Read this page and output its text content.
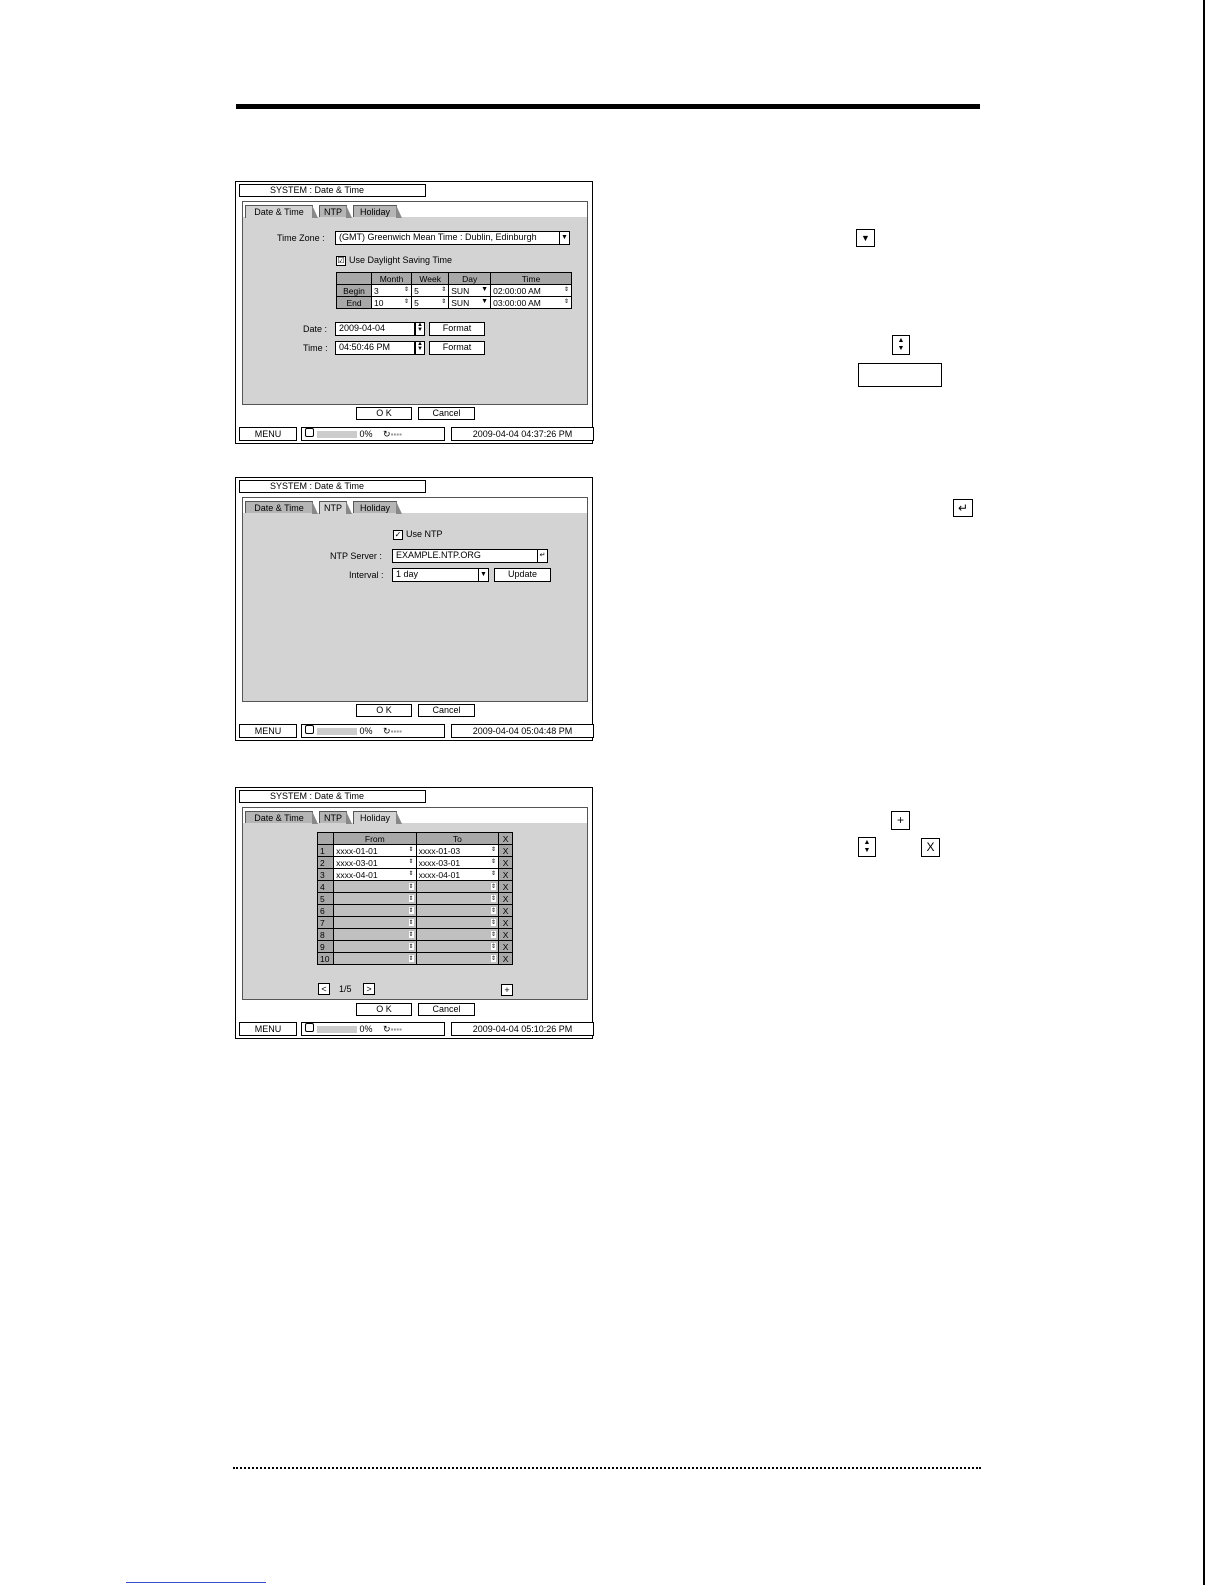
SYSTEM : Date & Time
Date & Time	NTP	Holiday
Time Zone :	(GMT) Greenwich Mean Time : Dublin, Edinburgh	▼
☑ Use Daylight Saving Time
	Month	Week	Day	Time
Begin	3 ⇕	5 ⇕	SUN ▼	02:00:00 AM ⇕

End	10 ⇕	5 ⇕	SUN ▼	03:00:00 AM ⇕
Date :	2009-04-04	▲
▼	Format
Time :	04:50:46 PM	▲
▼	Format
O K	Cancel
MENU	0% ↻▪▪▪▪	2009-04-04 04:37:26 PM
SYSTEM : Date & Time
Date & Time	NTP	Holiday
✓ Use NTP
NTP Server :	EXAMPLE.NTP.ORG	↵
Interval :	1 day	▼	Update
O K	Cancel
MENU	0% ↻▪▪▪▪	2009-04-04 05:04:48 PM
SYSTEM : Date & Time
Date & Time	NTP	Holiday
	From	To	X
1	xxxx-01-01 ⇕	xxxx-01-03 ⇕	X
2	xxxx-03-01 ⇕	xxxx-03-01 ⇕	X
3	xxxx-04-01 ⇕	xxxx-04-01 ⇕	X
4	⇕	⇕	X
5	⇕	⇕	X
6	⇕	⇕	X
7	⇕	⇕	X
8	⇕	⇕	X
9	⇕	⇕	X
10	⇕	⇕	X
<	1/5	>	+
O K	Cancel
MENU	0% ↻▪▪▪▪	2009-04-04 05:10:26 PM
▼
▲
▼
↵
+
▲
▼	X
